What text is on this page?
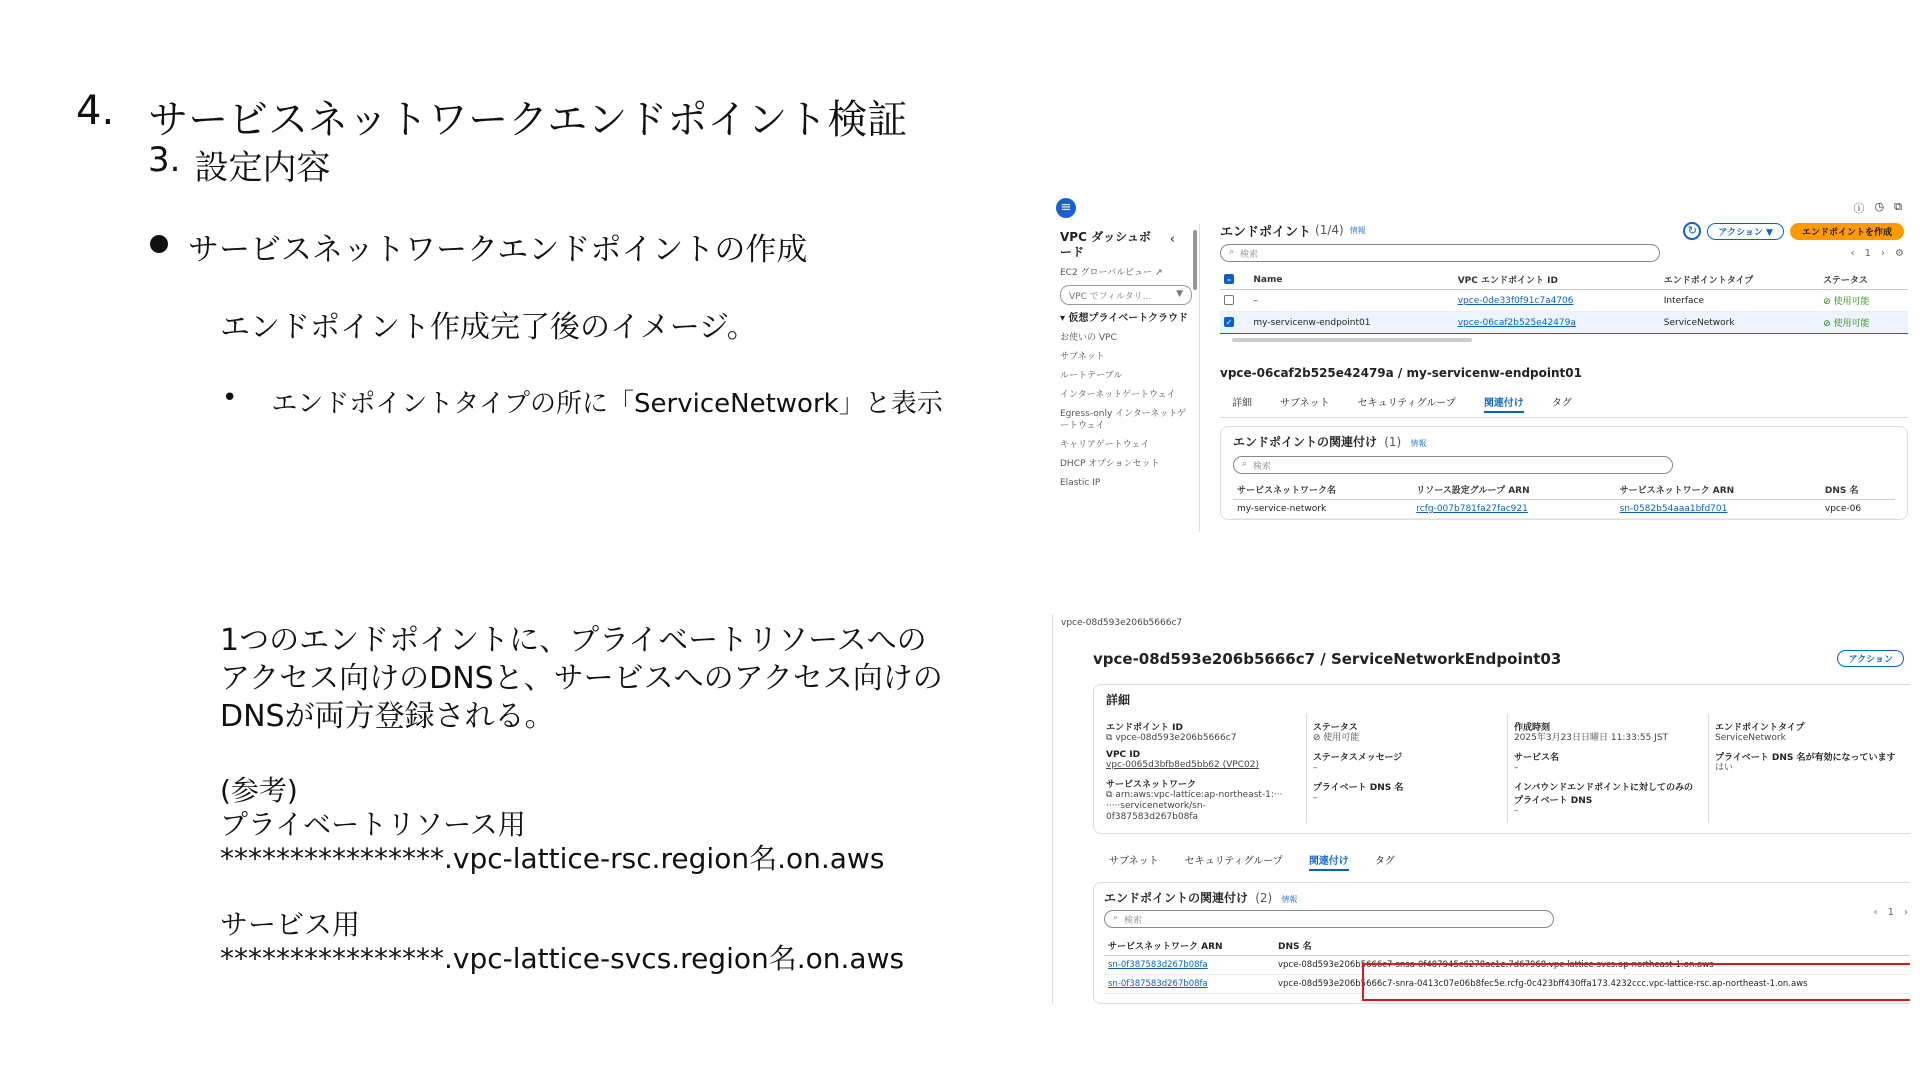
4. サービスネットワークエンドポイント検証
3. 設定内容
サービスネットワークエンドポイントの作成
エンドポイント作成完了後のイメージ。
• エンドポイントタイプの所に「ServiceNetwork」と表示
1つのエンドポイントに、プライベートリソースへの
アクセス向けのDNSと、サービスへのアクセス向けの
DNSが両方登録される。
(参考)
プライベートリソース用
****************.vpc-lattice-rsc.region名.on.aws
サービス用
****************.vpc-lattice-svcs.region名.on.aws
≡	ⓘ ◷ ⧉
VPC ダッシュボード
‹
EC2 グローバルビュー ↗
VPC でフィルタリ...	▼
▾ 仮想プライベートクラウド
お使いの VPC
サブネット
ルートテーブル
インターネットゲートウェイ
Egress-only インターネットゲートウェイ
キャリアゲートウェイ
DHCP オプションセット
Elastic IP
エンドポイント (1/4) 情報	↻	アクション ▼	エンドポイントを作成
⌕ 検索	‹ 1 › ⚙
–	Name	VPC エンドポイント ID	エンドポイントタイプ	ステータス
	–	vpce-0de33f0f91c7a4706	Interface	⊘ 使用可能
✓	my-servicenw-endpoint01	vpce-06caf2b525e42479a	ServiceNetwork	⊘ 使用可能
vpce-06caf2b525e42479a / my-servicenw-endpoint01
詳細	サブネット	セキュリティグループ	関連付け	タグ
エンドポイントの関連付け (1) 情報
⌕ 検索
サービスネットワーク名	リソース設定グループ ARN	サービスネットワーク ARN	DNS 名
my-service-network	rcfg-007b781fa27fac921	sn-0582b54aaa1bfd701	vpce-06
vpce-08d593e206b5666c7
vpce-08d593e206b5666c7 / ServiceNetworkEndpoint03	アクション
詳細
エンドポイント ID
⧉ vpce-08d593e206b5666c7
VPC ID
vpc-0065d3bfb8ed5bb62 (VPC02)
サービスネットワーク
⧉ arn:aws:vpc-lattice:ap-northeast-1:··· ·····servicenetwork/sn-0f387583d267b08fa
ステータス
⊘ 使用可能
ステータスメッセージ
–
プライベート DNS 名
–
作成時刻
2025年3月23日日曜日 11:33:55 JST
サービス名
–
インバウンドエンドポイントに対してのみのプライベート DNS
–
エンドポイントタイプ
ServiceNetwork
プライベート DNS 名が有効になっています
はい
サブネット	セキュリティグループ	関連付け	タグ
エンドポイントの関連付け (2) 情報
⌕ 検索
‹ 1 ›
サービスネットワーク ARN	DNS 名
sn-0f387583d267b08fa	vpce-08d593e206b5666c7-snsa-0f487945c6278ac1e.7d67968.vpc-lattice-svcs.ap-northeast-1.on.aws
sn-0f387583d267b08fa	vpce-08d593e206b5666c7-snra-0413c07e06b8fec5e.rcfg-0c423bff430ffa173.4232ccc.vpc-lattice-rsc.ap-northeast-1.on.aws
